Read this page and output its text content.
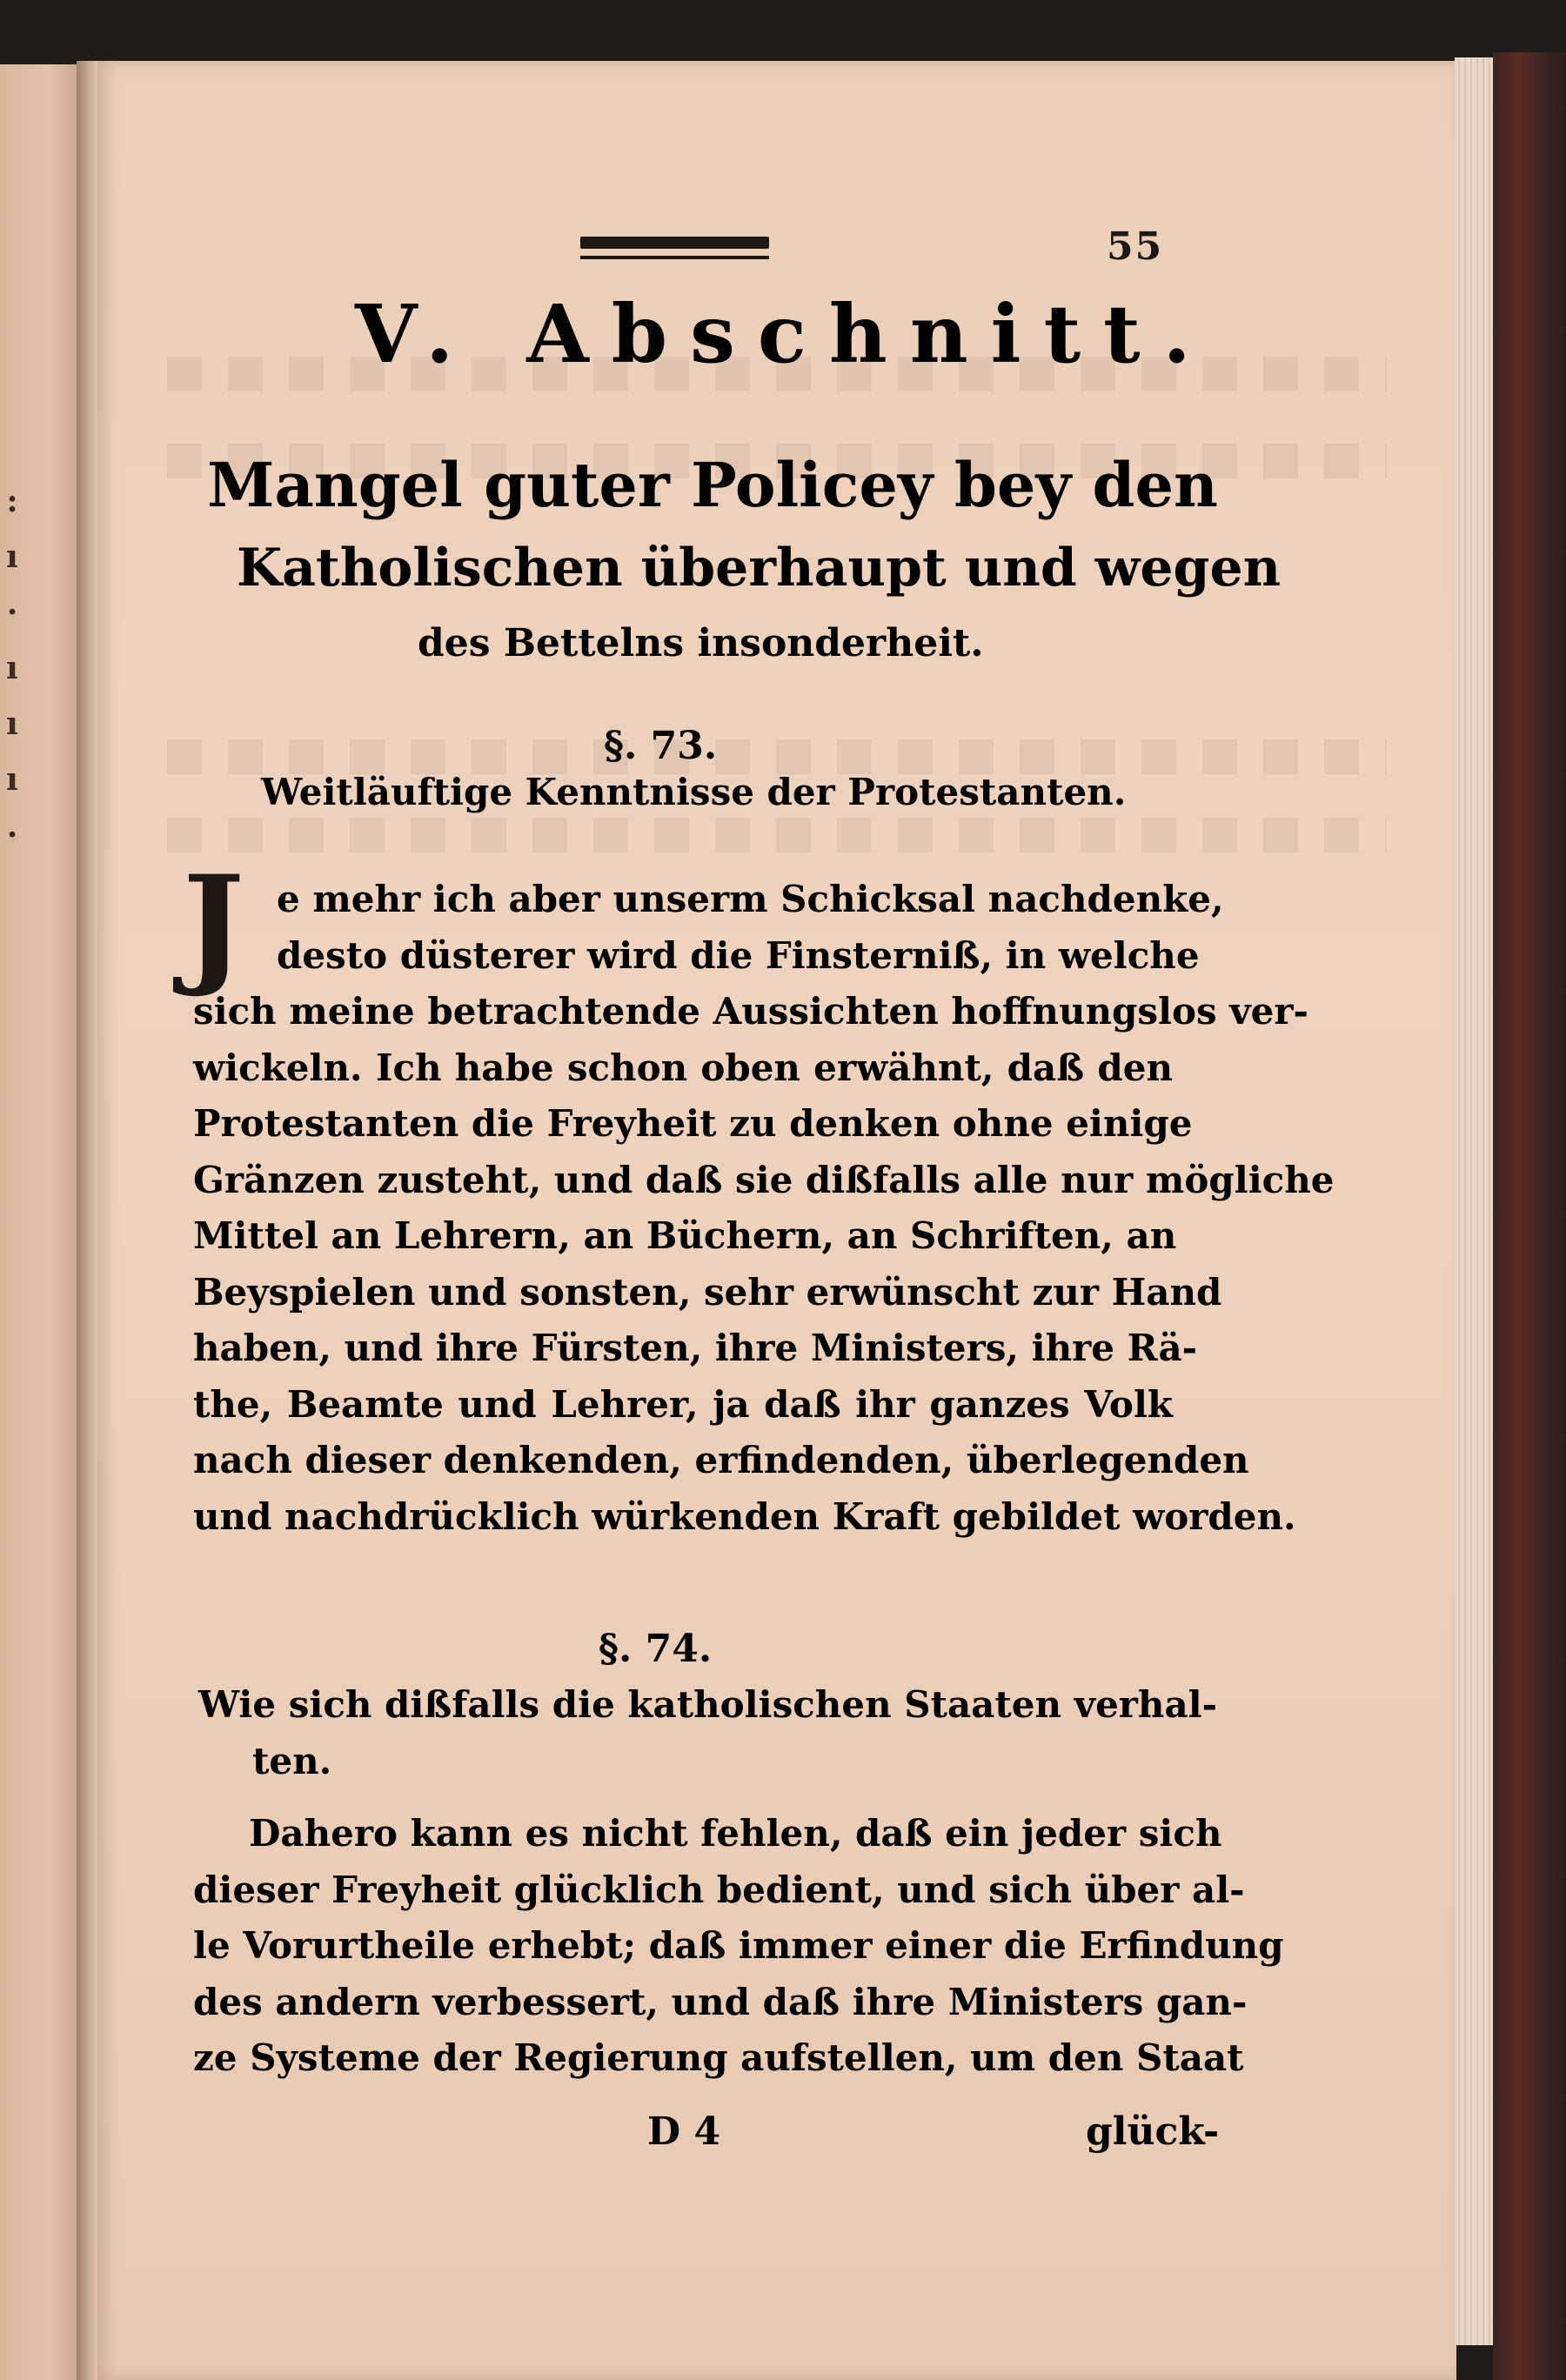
:
ı
·
ı
ı
ı
·
55
V. Abschnitt.
Mangel guter Policey bey den
Katholischen überhaupt und wegen
des Bettelns insonderheit.
§. 73.
Weitläuftige Kenntnisse der Protestanten.
J e mehr ich aber unserm Schicksal nachdenke,
desto düsterer wird die Finsterniß, in welche
sich meine betrachtende Aussichten hoffnungslos ver-
wickeln. Ich habe schon oben erwähnt, daß den
Protestanten die Freyheit zu denken ohne einige
Gränzen zusteht, und daß sie dißfalls alle nur mögliche
Mittel an Lehrern, an Büchern, an Schriften, an
Beyspielen und sonsten, sehr erwünscht zur Hand
haben, und ihre Fürsten, ihre Ministers, ihre Rä-
the, Beamte und Lehrer, ja daß ihr ganzes Volk
nach dieser denkenden, erfindenden, überlegenden
und nachdrücklich würkenden Kraft gebildet worden.
§. 74.
Wie sich dißfalls die katholischen Staaten verhal-
ten.
Dahero kann es nicht fehlen, daß ein jeder sich
dieser Freyheit glücklich bedient, und sich über al-
le Vorurtheile erhebt; daß immer einer die Erfindung
des andern verbessert, und daß ihre Ministers gan-
ze Systeme der Regierung aufstellen, um den Staat
D 4	glück-
